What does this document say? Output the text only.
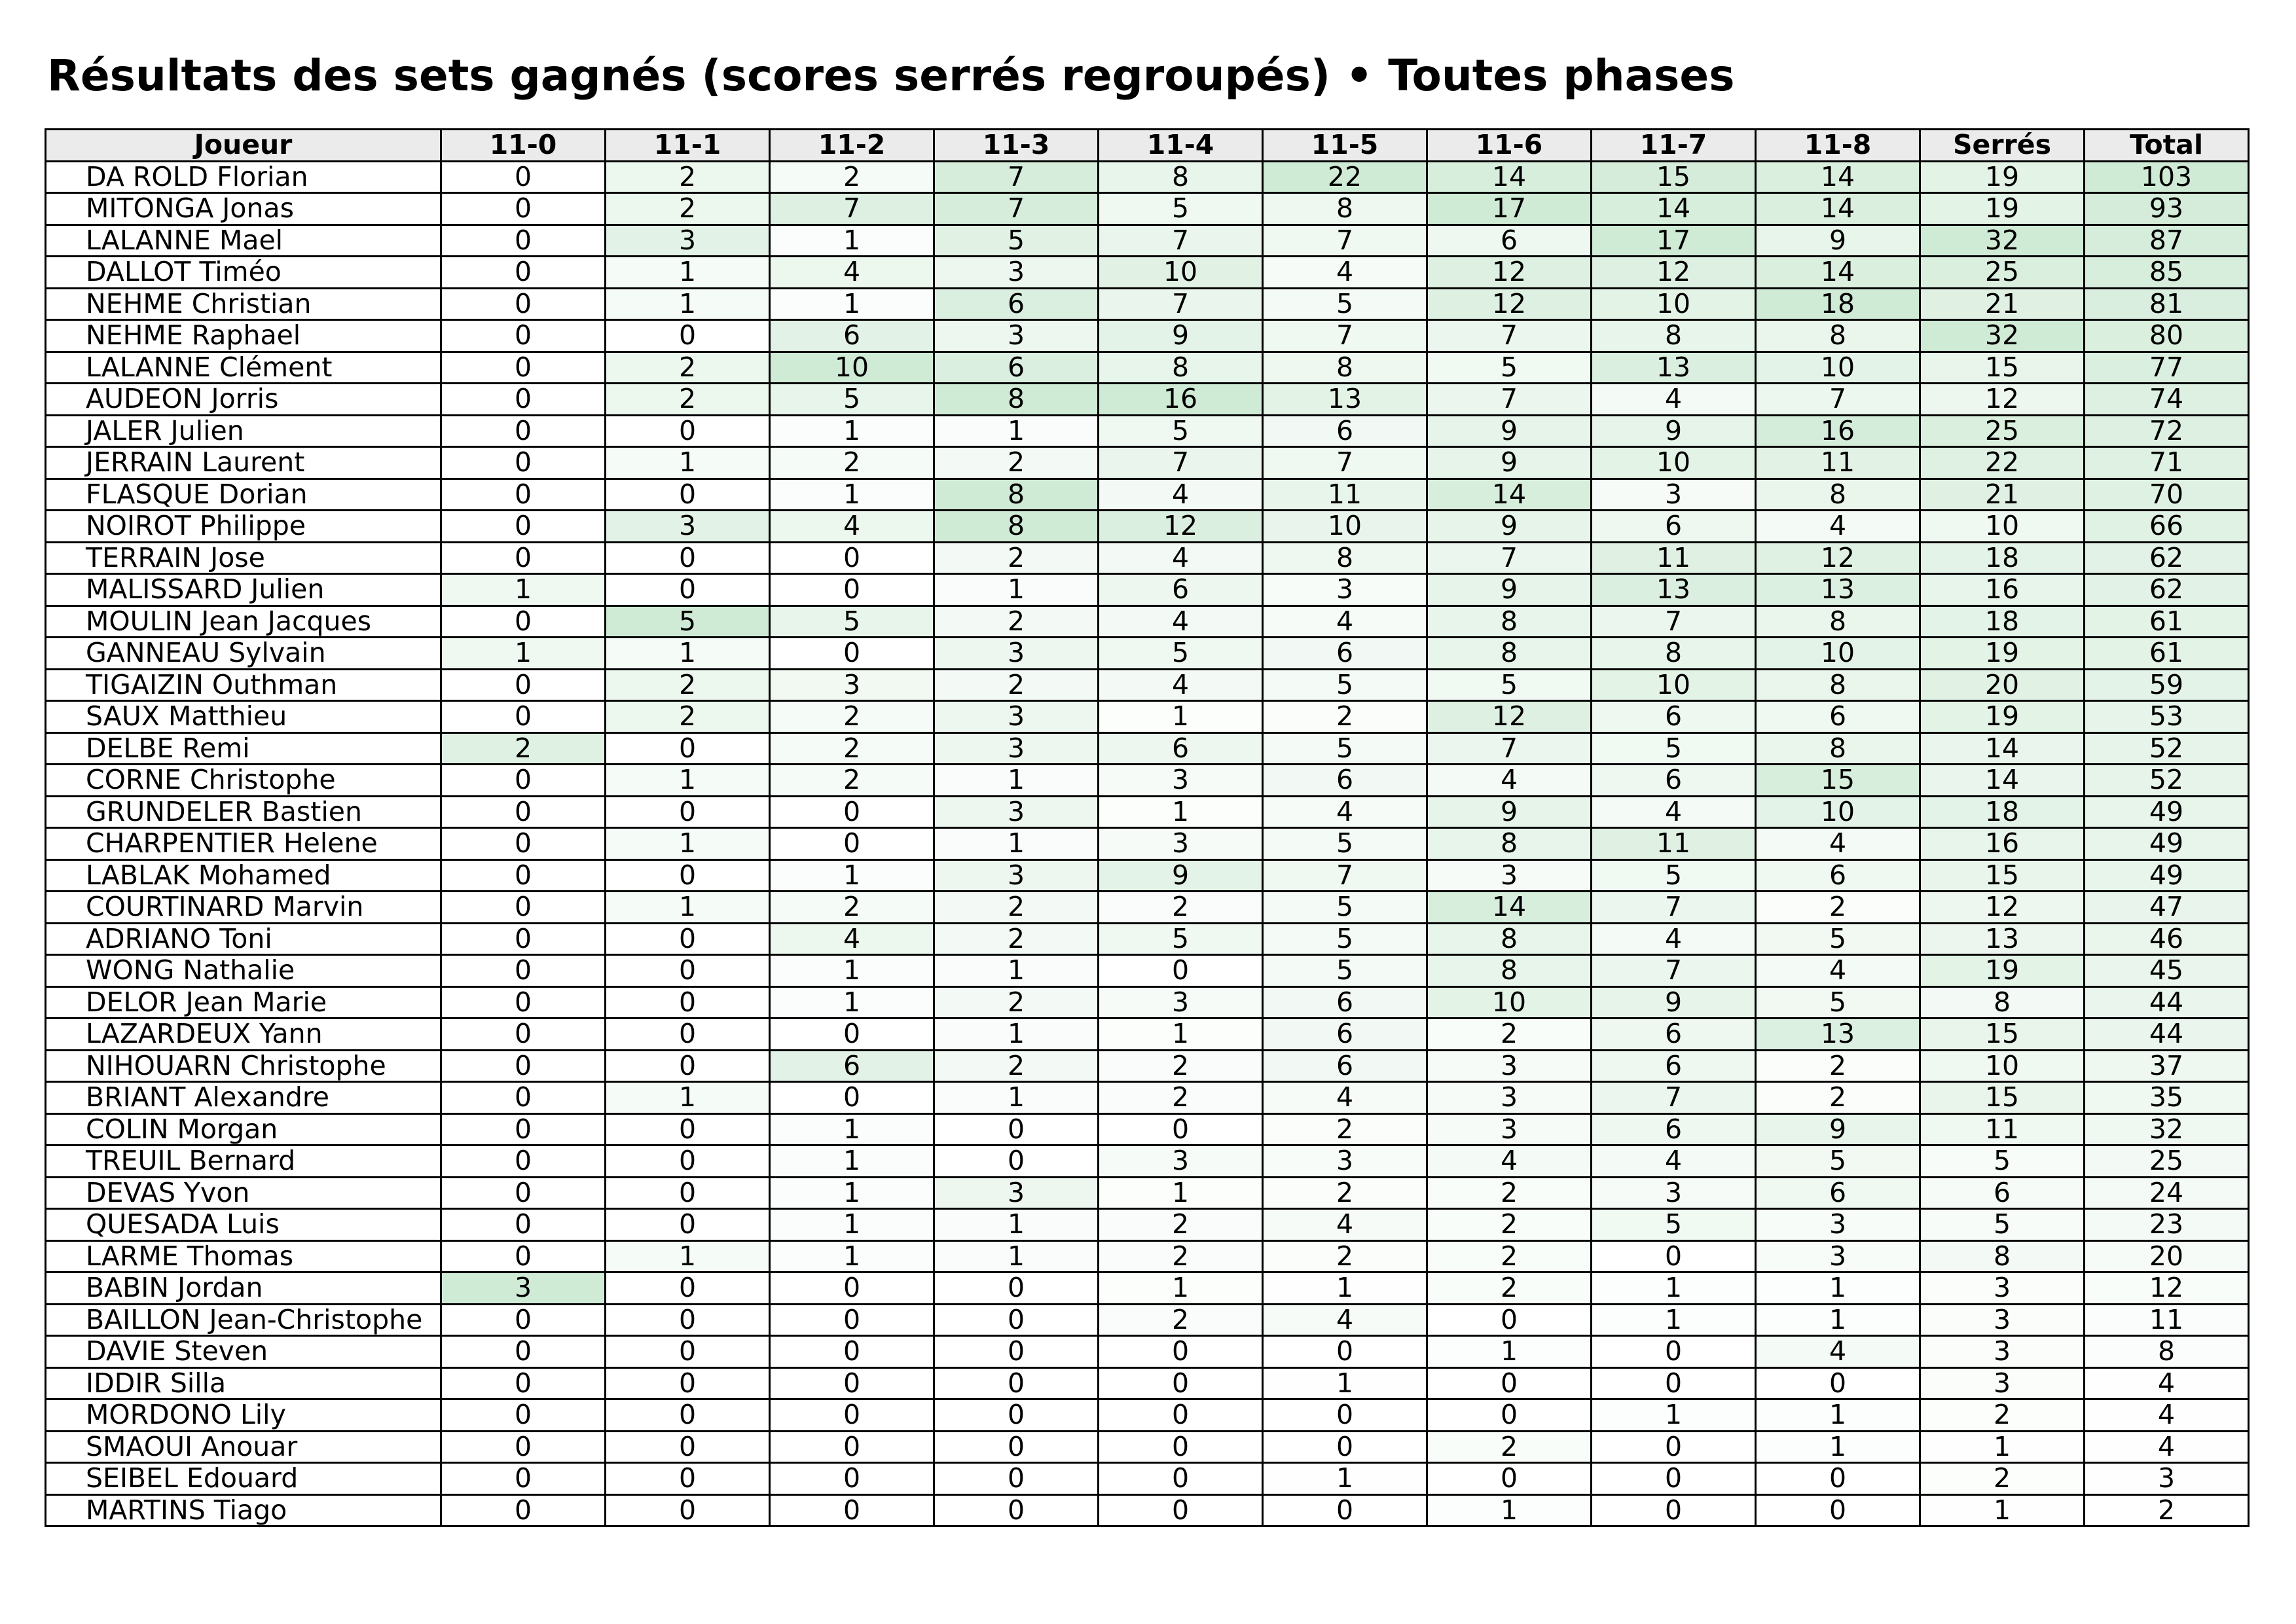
Résultats des sets gagnés (scores serrés regroupés) • Toutes phases
Joueur	11-0	11-1	11-2	11-3	11-4	11-5	11-6	11-7	11-8	Serrés	Total
DA ROLD Florian	0	2	2	7	8	22	14	15	14	19	103
MITONGA Jonas	0	2	7	7	5	8	17	14	14	19	93
LALANNE Mael	0	3	1	5	7	7	6	17	9	32	87
DALLOT Timéo	0	1	4	3	10	4	12	12	14	25	85
NEHME Christian	0	1	1	6	7	5	12	10	18	21	81
NEHME Raphael	0	0	6	3	9	7	7	8	8	32	80
LALANNE Clément	0	2	10	6	8	8	5	13	10	15	77
AUDEON Jorris	0	2	5	8	16	13	7	4	7	12	74
JALER Julien	0	0	1	1	5	6	9	9	16	25	72
JERRAIN Laurent	0	1	2	2	7	7	9	10	11	22	71
FLASQUE Dorian	0	0	1	8	4	11	14	3	8	21	70
NOIROT Philippe	0	3	4	8	12	10	9	6	4	10	66
TERRAIN Jose	0	0	0	2	4	8	7	11	12	18	62
MALISSARD Julien	1	0	0	1	6	3	9	13	13	16	62
MOULIN Jean Jacques	0	5	5	2	4	4	8	7	8	18	61
GANNEAU Sylvain	1	1	0	3	5	6	8	8	10	19	61
TIGAIZIN Outhman	0	2	3	2	4	5	5	10	8	20	59
SAUX Matthieu	0	2	2	3	1	2	12	6	6	19	53
DELBE Remi	2	0	2	3	6	5	7	5	8	14	52
CORNE Christophe	0	1	2	1	3	6	4	6	15	14	52
GRUNDELER Bastien	0	0	0	3	1	4	9	4	10	18	49
CHARPENTIER Helene	0	1	0	1	3	5	8	11	4	16	49
LABLAK Mohamed	0	0	1	3	9	7	3	5	6	15	49
COURTINARD Marvin	0	1	2	2	2	5	14	7	2	12	47
ADRIANO Toni	0	0	4	2	5	5	8	4	5	13	46
WONG Nathalie	0	0	1	1	0	5	8	7	4	19	45
DELOR Jean Marie	0	0	1	2	3	6	10	9	5	8	44
LAZARDEUX Yann	0	0	0	1	1	6	2	6	13	15	44
NIHOUARN Christophe	0	0	6	2	2	6	3	6	2	10	37
BRIANT Alexandre	0	1	0	1	2	4	3	7	2	15	35
COLIN Morgan	0	0	1	0	0	2	3	6	9	11	32
TREUIL Bernard	0	0	1	0	3	3	4	4	5	5	25
DEVAS Yvon	0	0	1	3	1	2	2	3	6	6	24
QUESADA Luis	0	0	1	1	2	4	2	5	3	5	23
LARME Thomas	0	1	1	1	2	2	2	0	3	8	20
BABIN Jordan	3	0	0	0	1	1	2	1	1	3	12
BAILLON Jean-Christophe	0	0	0	0	2	4	0	1	1	3	11
DAVIE Steven	0	0	0	0	0	0	1	0	4	3	8
IDDIR Silla	0	0	0	0	0	1	0	0	0	3	4
MORDONO Lily	0	0	0	0	0	0	0	1	1	2	4
SMAOUI Anouar	0	0	0	0	0	0	2	0	1	1	4
SEIBEL Edouard	0	0	0	0	0	1	0	0	0	2	3
MARTINS Tiago	0	0	0	0	0	0	1	0	0	1	2
